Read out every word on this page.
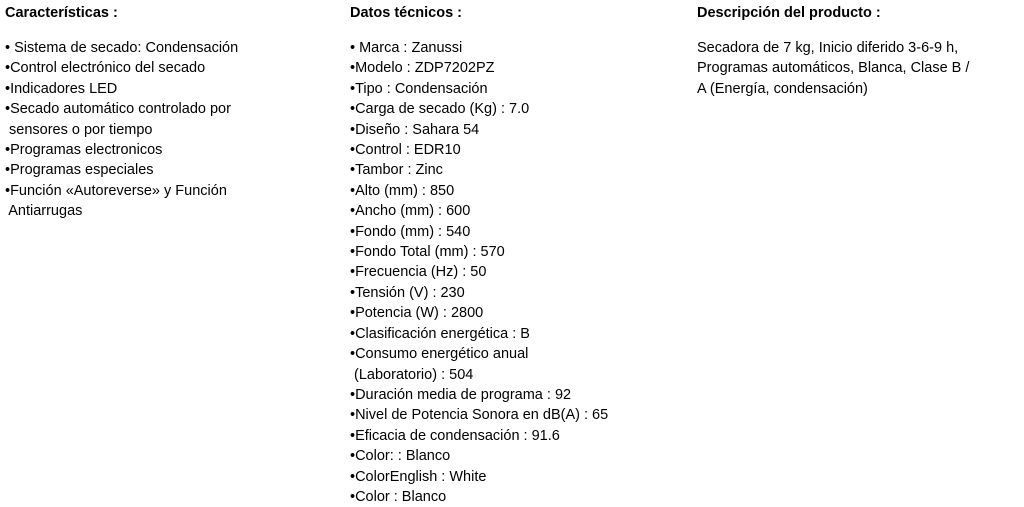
Características :
• Sistema de secado: Condensación
•Control electrónico del secado
•Indicadores LED
•Secado automático controlado por
sensores o por tiempo
•Programas electronicos
•Programas especiales
•Función «Autoreverse» y Función
Antiarrugas
Datos técnicos :
• Marca : Zanussi
•Modelo : ZDP7202PZ
•Tipo : Condensación
•Carga de secado (Kg) : 7.0
•Diseño : Sahara 54
•Control : EDR10
•Tambor : Zinc
•Alto (mm) : 850
•Ancho (mm) : 600
•Fondo (mm) : 540
•Fondo Total (mm) : 570
•Frecuencia (Hz) : 50
•Tensión (V) : 230
•Potencia (W) : 2800
•Clasificación energética : B
•Consumo energético anual
(Laboratorio) : 504
•Duración media de programa : 92
•Nivel de Potencia Sonora en dB(A) : 65
•Eficacia de condensación : 91.6
•Color: : Blanco
•ColorEnglish : White
•Color : Blanco
Descripción del producto :
Secadora de 7 kg, Inicio diferido 3-6-9 h,
Programas automáticos, Blanca, Clase B /
A (Energía, condensación)
